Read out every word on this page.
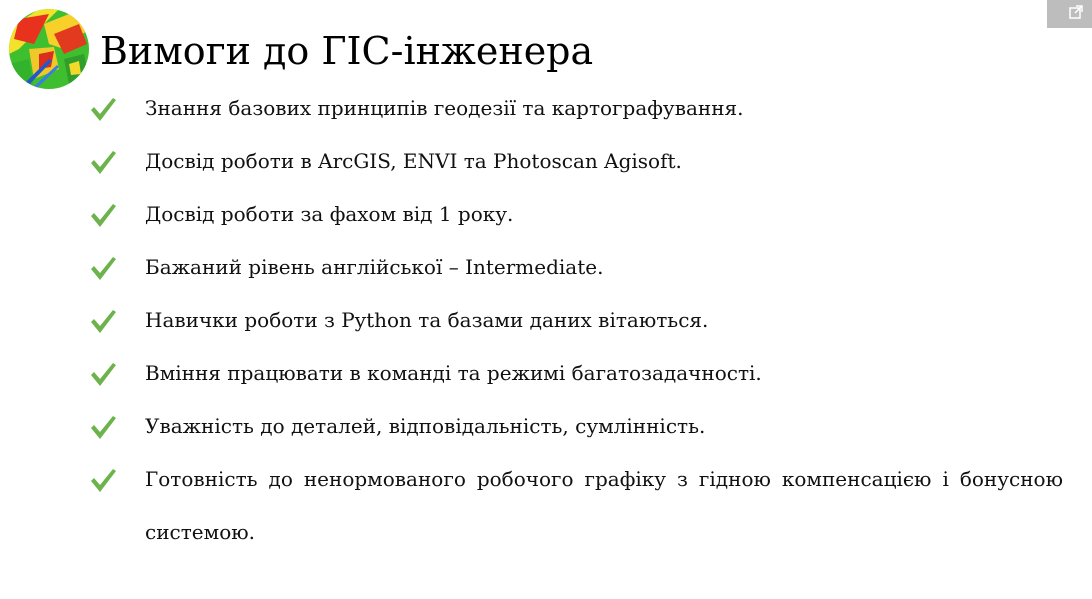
Вимоги до ГІС-інженера
Знання базових принципів геодезії та картографування.
Досвід роботи в ArcGIS, ENVI та Photoscan Agisoft.
Досвід роботи за фахом від 1 року.
Бажаний рівень англійської – Intermediate.
Навички роботи з Python та базами даних вітаються.
Вміння працювати в команді та режимі багатозадачності.
Уважність до деталей, відповідальність, сумлінність.
Готовність до ненормованого робочого графіку з гідною компенсацією і бонусною системою.
